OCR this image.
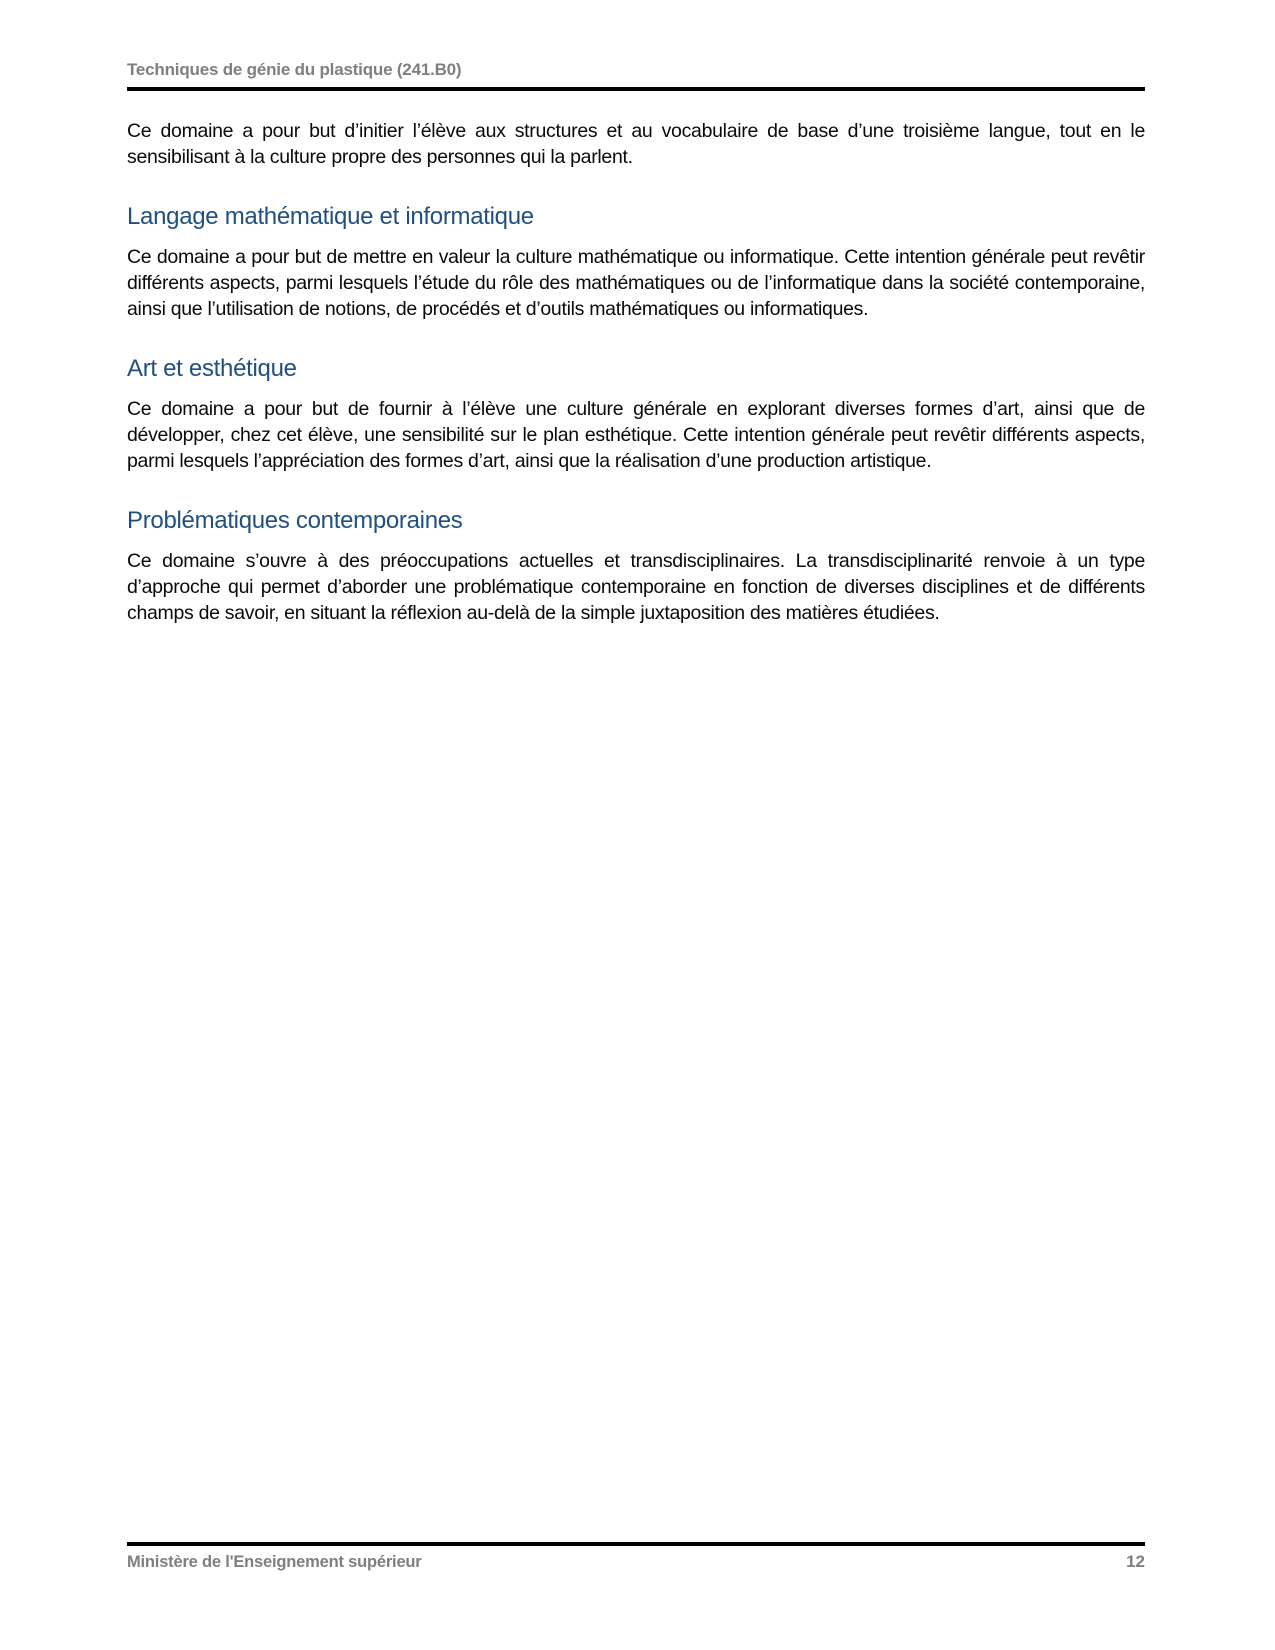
Techniques de génie du plastique (241.B0)

Ce domaine a pour but d’initier l’élève aux structures et au vocabulaire de base d’une troisième langue, tout en le sensibilisant à la culture propre des personnes qui la parlent.

Langage mathématique et informatique

Ce domaine a pour but de mettre en valeur la culture mathématique ou informatique. Cette intention générale peut revêtir différents aspects, parmi lesquels l’étude du rôle des mathématiques ou de l’informatique dans la société contemporaine, ainsi que l’utilisation de notions, de procédés et d’outils mathématiques ou informatiques.

Art et esthétique

Ce domaine a pour but de fournir à l’élève une culture générale en explorant diverses formes d’art, ainsi que de développer, chez cet élève, une sensibilité sur le plan esthétique. Cette intention générale peut revêtir différents aspects, parmi lesquels l’appréciation des formes d’art, ainsi que la réalisation d’une production artistique.

Problématiques contemporaines

Ce domaine s’ouvre à des préoccupations actuelles et transdisciplinaires. La transdisciplinarité renvoie à un type d’approche qui permet d’aborder une problématique contemporaine en fonction de diverses disciplines et de différents champs de savoir, en situant la réflexion au-delà de la simple juxtaposition des matières étudiées.

Ministère de l'Enseignement supérieur	12
